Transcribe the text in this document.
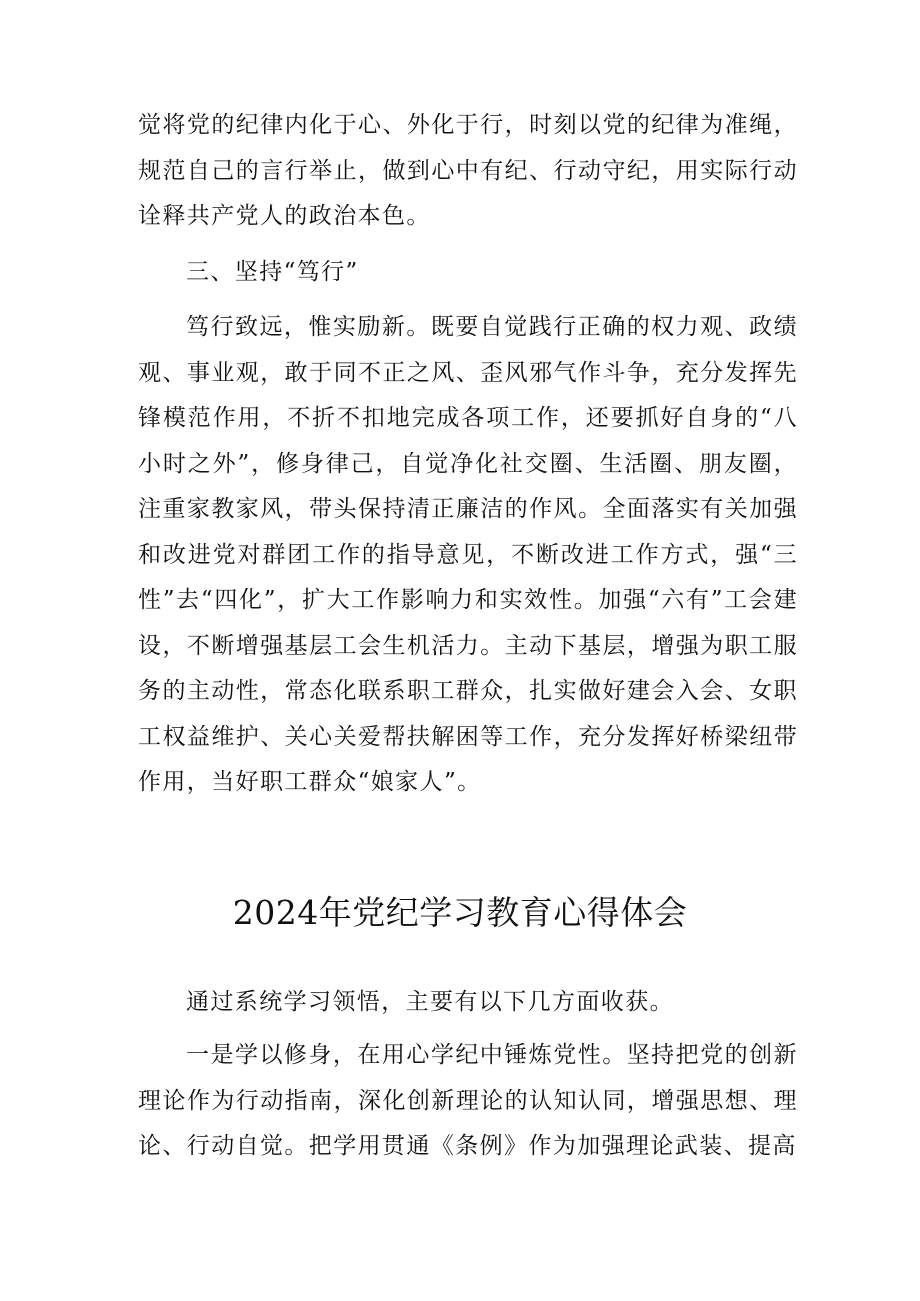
觉将党的纪律内化于心、外化于行，时刻以党的纪律为准绳，规范自己的言行举止，做到心中有纪、行动守纪，用实际行动诠释共产党人的政治本色。

三、坚持“笃行”

笃行致远，惟实励新。既要自觉践行正确的权力观、政绩观、事业观，敢于同不正之风、歪风邪气作斗争，充分发挥先锋模范作用，不折不扣地完成各项工作，还要抓好自身的“八小时之外”，修身律己，自觉净化社交圈、生活圈、朋友圈，注重家教家风，带头保持清正廉洁的作风。全面落实有关加强和改进党对群团工作的指导意见，不断改进工作方式，强“三性”去“四化”，扩大工作影响力和实效性。加强“六有”工会建设，不断增强基层工会生机活力。主动下基层，增强为职工服务的主动性，常态化联系职工群众，扎实做好建会入会、女职工权益维护、关心关爱帮扶解困等工作，充分发挥好桥梁纽带作用，当好职工群众“娘家人”。

2024年党纪学习教育心得体会

通过系统学习领悟，主要有以下几方面收获。

一是学以修身，在用心学纪中锤炼党性。坚持把党的创新理论作为行动指南，深化创新理论的认知认同，增强思想、理论、行动自觉。把学用贯通《条例》作为加强理论武装、提高
